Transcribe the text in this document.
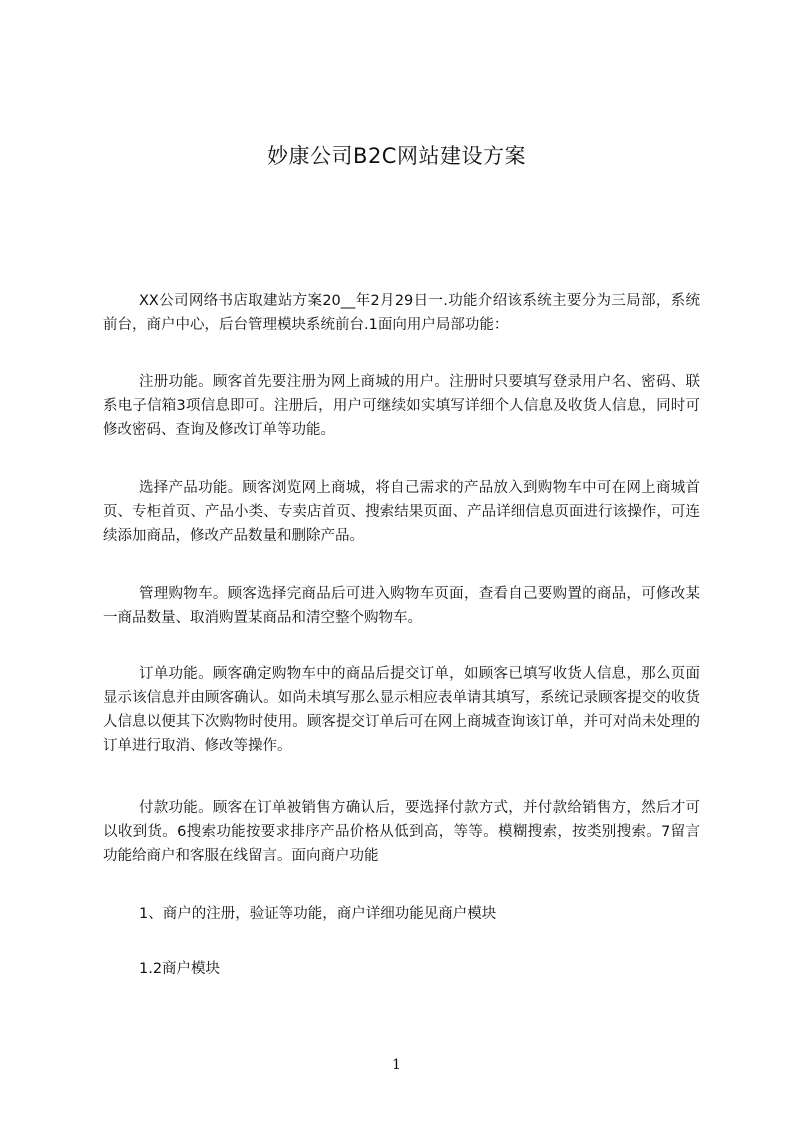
妙康公司B2C网站建设方案

XX公司网络书店取建站方案20__年2月29日一.功能介绍该系统主要分为三局部，系统前台，商户中心，后台管理模块系统前台.1面向用户局部功能：

注册功能。顾客首先要注册为网上商城的用户。注册时只要填写登录用户名、密码、联系电子信箱3项信息即可。注册后，用户可继续如实填写详细个人信息及收货人信息，同时可修改密码、查询及修改订单等功能。

选择产品功能。顾客浏览网上商城，将自己需求的产品放入到购物车中可在网上商城首页、专柜首页、产品小类、专卖店首页、搜索结果页面、产品详细信息页面进行该操作，可连续添加商品，修改产品数量和删除产品。

管理购物车。顾客选择完商品后可进入购物车页面，查看自己要购置的商品，可修改某一商品数量、取消购置某商品和清空整个购物车。

订单功能。顾客确定购物车中的商品后提交订单，如顾客已填写收货人信息，那么页面显示该信息并由顾客确认。如尚未填写那么显示相应表单请其填写，系统记录顾客提交的收货人信息以便其下次购物时使用。顾客提交订单后可在网上商城查询该订单，并可对尚未处理的订单进行取消、修改等操作。

付款功能。顾客在订单被销售方确认后，要选择付款方式，并付款给销售方，然后才可以收到货。6搜索功能按要求排序产品价格从低到高，等等。模糊搜索，按类别搜索。7留言功能给商户和客服在线留言。面向商户功能

1、商户的注册，验证等功能，商户详细功能见商户模块
1.2商户模块
1
